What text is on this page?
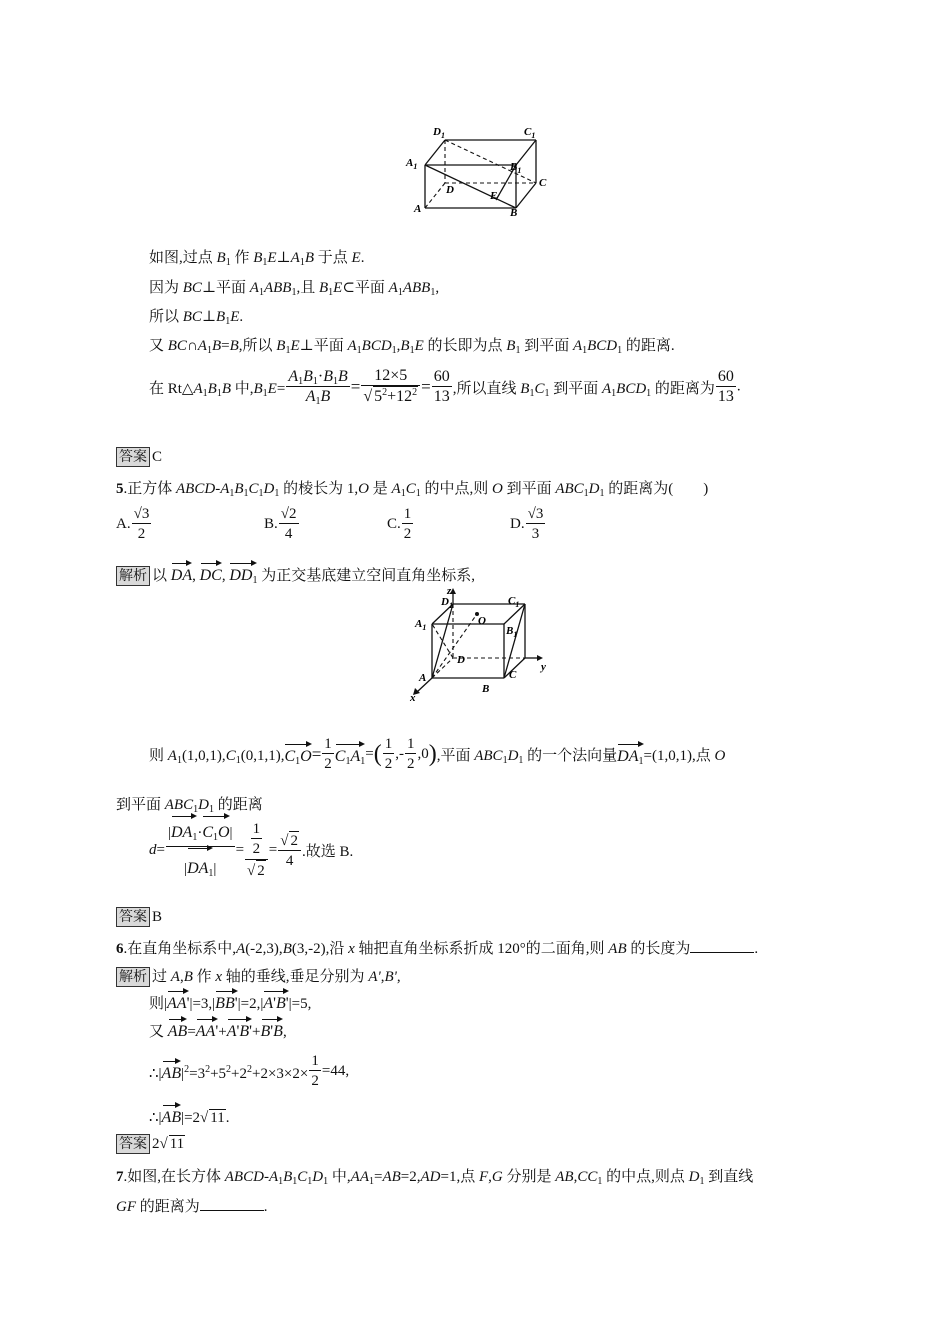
$D_1$	$C_1$
$A_1$	$B_1$
D
C
E
A	B
如图,过点 $B_1$ 作 $B_1E\perp A_1B$ 于点 E.
因为 BC⊥平面 $A_1ABB_1$,且 $B_1E\subset$平面 $A_1ABB_1$,
所以 $BC\perp B_1E$.
又 $BC\cap A_1B=B$,所以 $B_1E\perp$平面 $A_1BCD_1,B_1E$ 的长即为点 $B_1$ 到平面 $A_1BCD_1$ 的距离.
在 $Rt\triangle A_1B_1B$ 中$,B_1E= \frac{A_1B_1\cdot B_1B}{A_1B} = \frac{12\times 5}{√ 5^2+12^2} = \frac{60}{13}$ ,所以直线 $B_1C_1$ 到平面 $A_1BCD_1$ 的距离为 $\frac{60}{13}$ .
答案 C
5.正方体 ABCD-$A_1B_1C_1D_1$ 的棱长为 1,O 是 $A_1C_1$ 的中点,则 O 到平面 $ABC_1D_1$ 的距离为(　　)
A. $\frac{√3}{2}$	B. $\frac{√2}{4}$	C. $\frac{1}{2}$	D. $\frac{√3}{3}$
解析 以 DA, DC, $DD_1$ 为正交基底建立空间直角坐标系,
z
y
x
$D_1$	$C_1$
$A_1$	$B_1$
O
D
C
A
B
则 $A_1(1,0,1),C_1(0,1,1),C_1O= \frac{1}{2} C_1A_1=( \frac{1}{2}$ ,- $\frac{1}{2} ,0$),平面 $ABC_1D_1$ 的一个法向量$DA_1=(1,0,1)$,点 O
到平面 $ABC_1D_1$ 的距离
$d= \frac{|DA_1\cdot C_1O|}{|DA_1|} = \frac{\frac{1}{2}}{√ 2} = \frac{√ 2}{4}$ .故选 B.
答案 B
6.在直角坐标系中,A(-2,3),B(3,-2),沿 x 轴把直角坐标系折成 120°的二面角,则 AB 的长度为	.
解析 过 A,B 作 x 轴的垂线,垂足分别为 A',B',
则|AA'|=3,|BB'|=2,|A'B'|=5,
又 AB=AA'+A'B'+B'B,
$\therefore|AB|^2=3^2+5^2+2^2+2\times 3\times 2\times \frac{1}{2} =44$,
∴|AB|=2√ 11.
答案 2√ 11
7.如图,在长方体 ABCD-$A_1B_1C_1D_1$ 中$,AA_1=AB=2,AD=1$,点 F,G 分别是 $AB,CC_1$ 的中点,则点 $D_1$ 到直线
GF 的距离为	.
